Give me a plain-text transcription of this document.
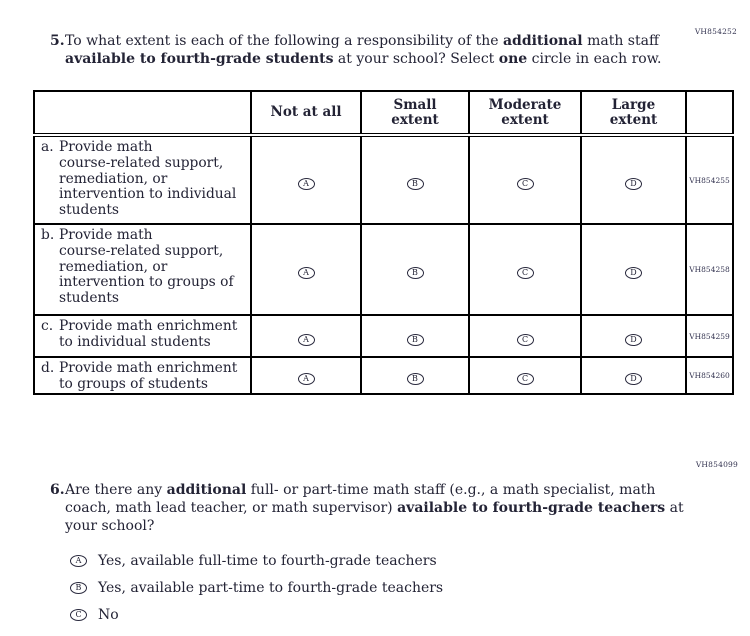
VH854252
VH854099
5. To what extent is each of the following a responsibility of the additional math staff
available to fourth-grade students at your school? Select one circle in each row.
	Not at all	Small extent	Moderate extent	Large extent	

a. Provide math
course-related support,
remediation, or
intervention to individual
students
	A	B	C	D	VH854255

b. Provide math
course-related support,
remediation, or
intervention to groups of
students
	A	B	C	D	VH854258

c. Provide math enrichment
to individual students	A	B	C	D	VH854259

d. Provide math enrichment
to groups of students	A	B	C	D	VH854260
6. Are there any additional full- or part-time math staff (e.g., a math specialist, math
coach, math lead teacher, or math supervisor) available to fourth-grade teachers at
your school?
A	Yes, available full-time to fourth-grade teachers
B	Yes, available part-time to fourth-grade teachers
C	No
